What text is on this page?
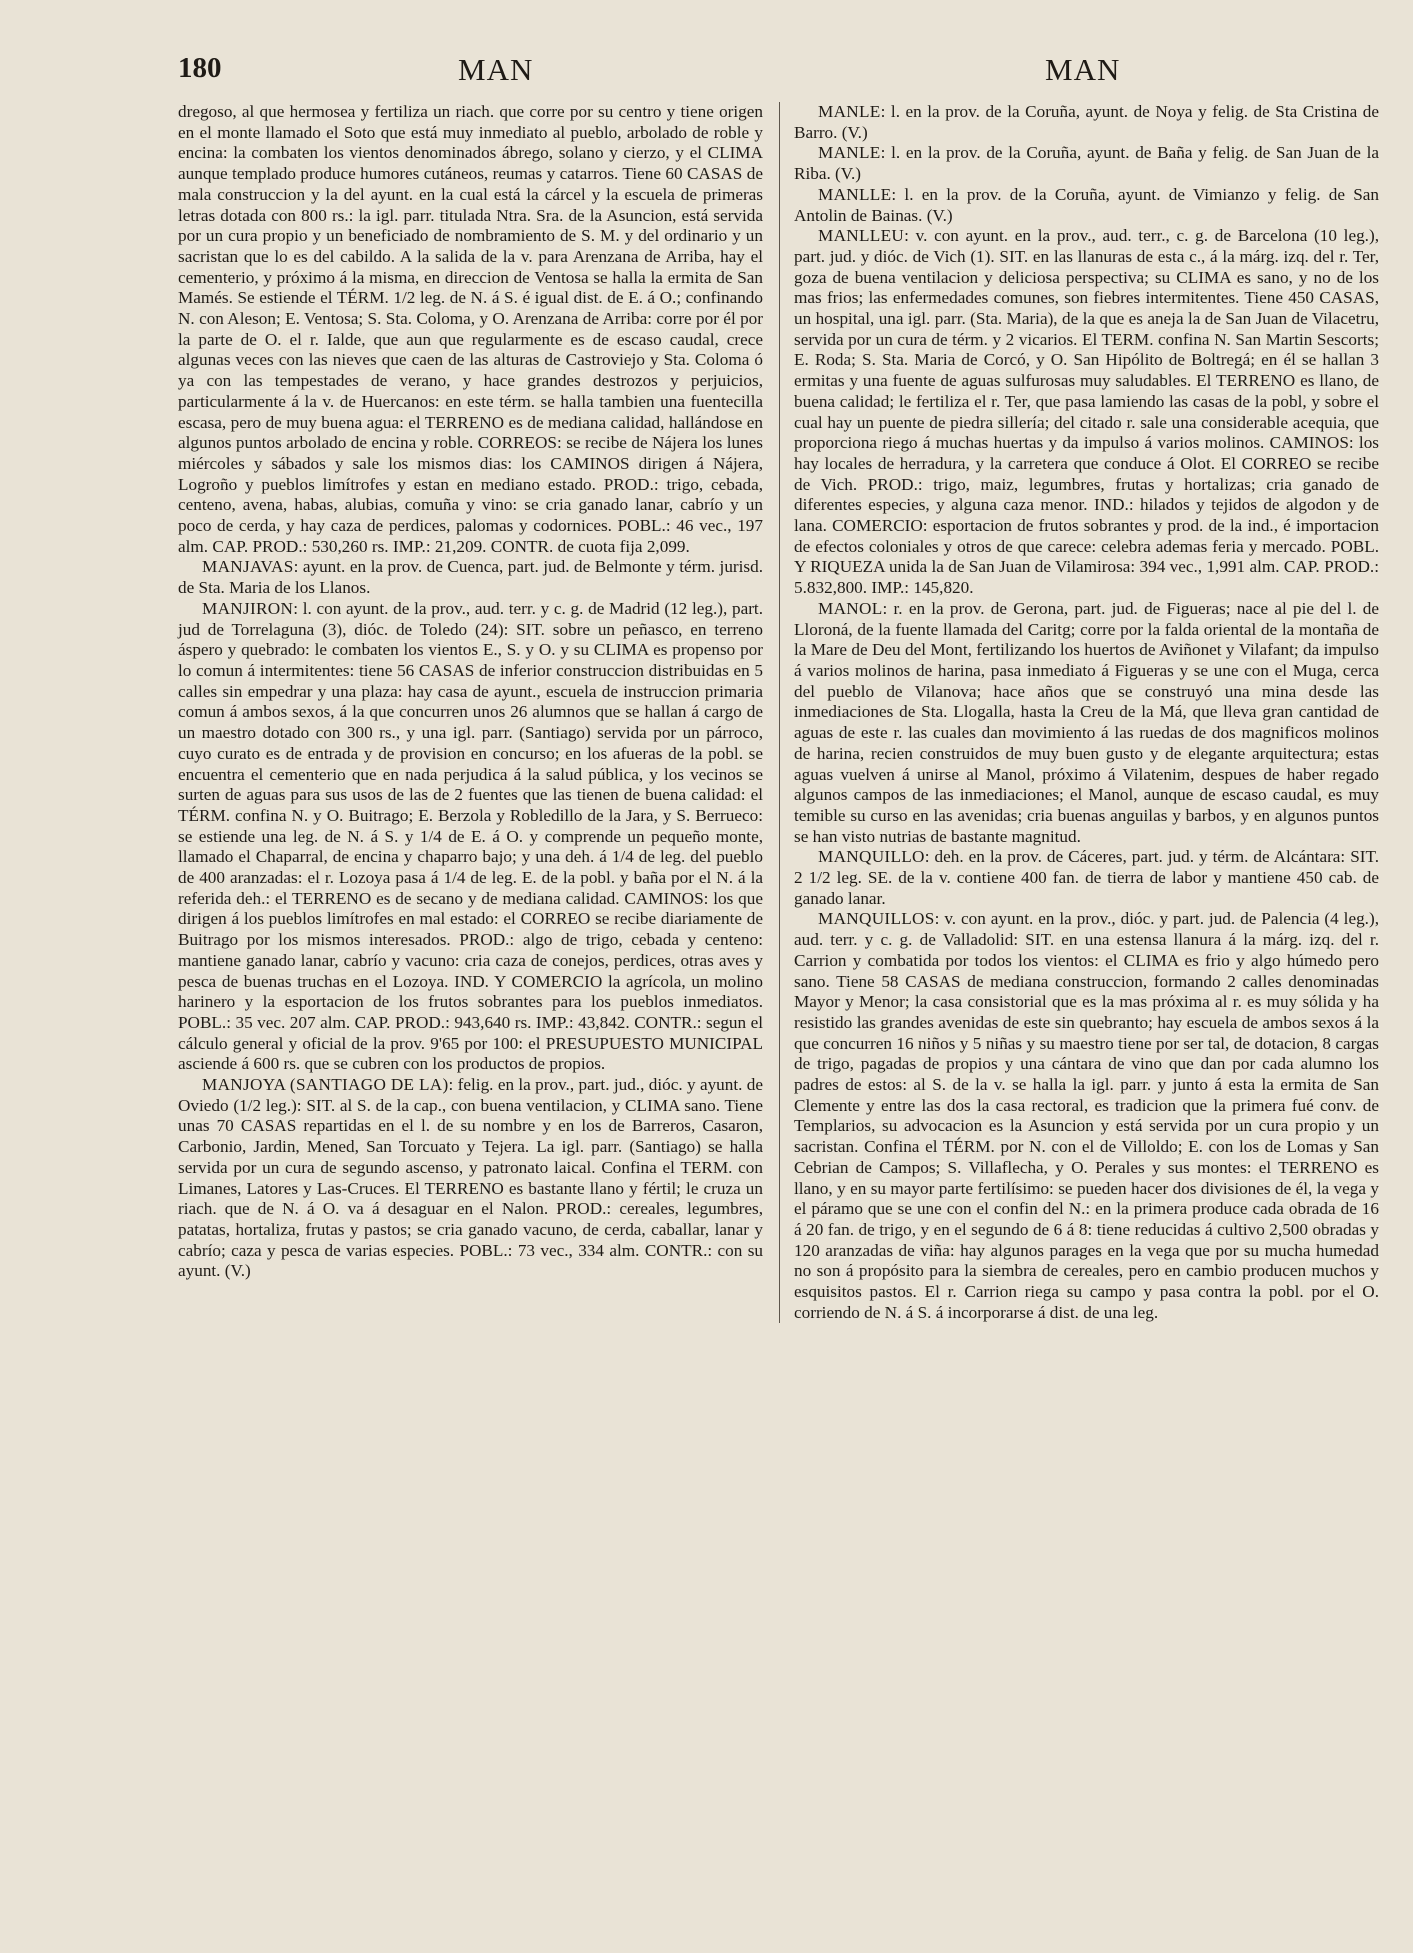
180	MAN	MAN

dregoso, al que hermosea y fertiliza un riach. que corre por su centro y tiene origen en el monte llamado el Soto que está muy inmediato al pueblo, arbolado de roble y encina: la combaten los vientos denominados ábrego, solano y cierzo, y el CLIMA aunque templado produce humores cutáneos, reumas y catarros. Tiene 60 CASAS de mala construccion y la del ayunt. en la cual está la cárcel y la escuela de primeras letras dotada con 800 rs.: la igl. parr. titulada Ntra. Sra. de la Asuncion, está servida por un cura propio y un beneficiado de nombramiento de S. M. y del ordinario y un sacristan que lo es del cabildo. A la salida de la v. para Arenzana de Arriba, hay el cementerio, y próximo á la misma, en direccion de Ventosa se halla la ermita de San Mamés. Se estiende el TÉRM. 1/2 leg. de N. á S. é igual dist. de E. á O.; confinando N. con Aleson; E. Ventosa; S. Sta. Coloma, y O. Arenzana de Arriba: corre por él por la parte de O. el r. Ialde, que aun que regularmente es de escaso caudal, crece algunas veces con las nieves que caen de las alturas de Castroviejo y Sta. Coloma ó ya con las tempestades de verano, y hace grandes destrozos y perjuicios, particularmente á la v. de Huercanos: en este térm. se halla tambien una fuentecilla escasa, pero de muy buena agua: el TERRENO es de mediana calidad, hallándose en algunos puntos arbolado de encina y roble. CORREOS: se recibe de Nájera los lunes miércoles y sábados y sale los mismos dias: los CAMINOS dirigen á Nájera, Logroño y pueblos limítrofes y estan en mediano estado. PROD.: trigo, cebada, centeno, avena, habas, alubias, comuña y vino: se cria ganado lanar, cabrío y un poco de cerda, y hay caza de perdices, palomas y codornices. POBL.: 46 vec., 197 alm. CAP. PROD.: 530,260 rs. IMP.: 21,209. CONTR. de cuota fija 2,099.

MANJAVAS: ayunt. en la prov. de Cuenca, part. jud. de Belmonte y térm. jurisd. de Sta. Maria de los Llanos.

MANJIRON: l. con ayunt. de la prov., aud. terr. y c. g. de Madrid (12 leg.), part. jud de Torrelaguna (3), dióc. de Toledo (24): SIT. sobre un peñasco, en terreno áspero y quebrado: le combaten los vientos E., S. y O. y su CLIMA es propenso por lo comun á intermitentes: tiene 56 CASAS de inferior construccion distribuidas en 5 calles sin empedrar y una plaza: hay casa de ayunt., escuela de instruccion primaria comun á ambos sexos, á la que concurren unos 26 alumnos que se hallan á cargo de un maestro dotado con 300 rs., y una igl. parr. (Santiago) servida por un párroco, cuyo curato es de entrada y de provision en concurso; en los afueras de la pobl. se encuentra el cementerio que en nada perjudica á la salud pública, y los vecinos se surten de aguas para sus usos de las de 2 fuentes que las tienen de buena calidad: el TÉRM. confina N. y O. Buitrago; E. Berzola y Robledillo de la Jara, y S. Berrueco: se estiende una leg. de N. á S. y 1/4 de E. á O. y comprende un pequeño monte, llamado el Chaparral, de encina y chaparro bajo; y una deh. á 1/4 de leg. del pueblo de 400 aranzadas: el r. Lozoya pasa á 1/4 de leg. E. de la pobl. y baña por el N. á la referida deh.: el TERRENO es de secano y de mediana calidad. CAMINOS: los que dirigen á los pueblos limítrofes en mal estado: el CORREO se recibe diariamente de Buitrago por los mismos interesados. PROD.: algo de trigo, cebada y centeno: mantiene ganado lanar, cabrío y vacuno: cria caza de conejos, perdices, otras aves y pesca de buenas truchas en el Lozoya. IND. Y COMERCIO la agrícola, un molino harinero y la esportacion de los frutos sobrantes para los pueblos inmediatos. POBL.: 35 vec. 207 alm. CAP. PROD.: 943,640 rs. IMP.: 43,842. CONTR.: segun el cálculo general y oficial de la prov. 9'65 por 100: el PRESUPUESTO MUNICIPAL asciende á 600 rs. que se cubren con los productos de propios.

MANJOYA (SANTIAGO DE LA): felig. en la prov., part. jud., dióc. y ayunt. de Oviedo (1/2 leg.): SIT. al S. de la cap., con buena ventilacion, y CLIMA sano. Tiene unas 70 CASAS repartidas en el l. de su nombre y en los de Barreros, Casaron, Carbonio, Jardin, Mened, San Torcuato y Tejera. La igl. parr. (Santiago) se halla servida por un cura de segundo ascenso, y patronato laical. Confina el TERM. con Limanes, Latores y Las-Cruces. El TERRENO es bastante llano y fértil; le cruza un riach. que de N. á O. va á desaguar en el Nalon. PROD.: cereales, legumbres, patatas, hortaliza, frutas y pastos; se cria ganado vacuno, de cerda, caballar, lanar y cabrío; caza y pesca de varias especies. POBL.: 73 vec., 334 alm. CONTR.: con su ayunt. (V.)

MANLE: l. en la prov. de la Coruña, ayunt. de Noya y felig. de Sta Cristina de Barro. (V.)

MANLE: l. en la prov. de la Coruña, ayunt. de Baña y felig. de San Juan de la Riba. (V.)

MANLLE: l. en la prov. de la Coruña, ayunt. de Vimianzo y felig. de San Antolin de Bainas. (V.)

MANLLEU: v. con ayunt. en la prov., aud. terr., c. g. de Barcelona (10 leg.), part. jud. y dióc. de Vich (1). SIT. en las llanuras de esta c., á la márg. izq. del r. Ter, goza de buena ventilacion y deliciosa perspectiva; su CLIMA es sano, y no de los mas frios; las enfermedades comunes, son fiebres intermitentes. Tiene 450 CASAS, un hospital, una igl. parr. (Sta. Maria), de la que es aneja la de San Juan de Vilacetru, servida por un cura de térm. y 2 vicarios. El TERM. confina N. San Martin Sescorts; E. Roda; S. Sta. Maria de Corcó, y O. San Hipólito de Boltregá; en él se hallan 3 ermitas y una fuente de aguas sulfurosas muy saludables. El TERRENO es llano, de buena calidad; le fertiliza el r. Ter, que pasa lamiendo las casas de la pobl, y sobre el cual hay un puente de piedra sillería; del citado r. sale una considerable acequia, que proporciona riego á muchas huertas y da impulso á varios molinos. CAMINOS: los hay locales de herradura, y la carretera que conduce á Olot. El CORREO se recibe de Vich. PROD.: trigo, maiz, legumbres, frutas y hortalizas; cria ganado de diferentes especies, y alguna caza menor. IND.: hilados y tejidos de algodon y de lana. COMERCIO: esportacion de frutos sobrantes y prod. de la ind., é importacion de efectos coloniales y otros de que carece: celebra ademas feria y mercado. POBL. Y RIQUEZA unida la de San Juan de Vilamirosa: 394 vec., 1,991 alm. CAP. PROD.: 5.832,800. IMP.: 145,820.

MANOL: r. en la prov. de Gerona, part. jud. de Figueras; nace al pie del l. de Lloroná, de la fuente llamada del Caritg; corre por la falda oriental de la montaña de la Mare de Deu del Mont, fertilizando los huertos de Aviñonet y Vilafant; da impulso á varios molinos de harina, pasa inmediato á Figueras y se une con el Muga, cerca del pueblo de Vilanova; hace años que se construyó una mina desde las inmediaciones de Sta. Llogalla, hasta la Creu de la Má, que lleva gran cantidad de aguas de este r. las cuales dan movimiento á las ruedas de dos magnificos molinos de harina, recien construidos de muy buen gusto y de elegante arquitectura; estas aguas vuelven á unirse al Manol, próximo á Vilatenim, despues de haber regado algunos campos de las inmediaciones; el Manol, aunque de escaso caudal, es muy temible su curso en las avenidas; cria buenas anguilas y barbos, y en algunos puntos se han visto nutrias de bastante magnitud.

MANQUILLO: deh. en la prov. de Cáceres, part. jud. y térm. de Alcántara: SIT. 2 1/2 leg. SE. de la v. contiene 400 fan. de tierra de labor y mantiene 450 cab. de ganado lanar.

MANQUILLOS: v. con ayunt. en la prov., dióc. y part. jud. de Palencia (4 leg.), aud. terr. y c. g. de Valladolid: SIT. en una estensa llanura á la márg. izq. del r. Carrion y combatida por todos los vientos: el CLIMA es frio y algo húmedo pero sano. Tiene 58 CASAS de mediana construccion, formando 2 calles denominadas Mayor y Menor; la casa consistorial que es la mas próxima al r. es muy sólida y ha resistido las grandes avenidas de este sin quebranto; hay escuela de ambos sexos á la que concurren 16 niños y 5 niñas y su maestro tiene por ser tal, de dotacion, 8 cargas de trigo, pagadas de propios y una cántara de vino que dan por cada alumno los padres de estos: al S. de la v. se halla la igl. parr. y junto á esta la ermita de San Clemente y entre las dos la casa rectoral, es tradicion que la primera fué conv. de Templarios, su advocacion es la Asuncion y está servida por un cura propio y un sacristan. Confina el TÉRM. por N. con el de Villoldo; E. con los de Lomas y San Cebrian de Campos; S. Villaflecha, y O. Perales y sus montes: el TERRENO es llano, y en su mayor parte fertilísimo: se pueden hacer dos divisiones de él, la vega y el páramo que se une con el confin del N.: en la primera produce cada obrada de 16 á 20 fan. de trigo, y en el segundo de 6 á 8: tiene reducidas á cultivo 2,500 obradas y 120 aranzadas de viña: hay algunos parages en la vega que por su mucha humedad no son á propósito para la siembra de cereales, pero en cambio producen muchos y esquisitos pastos. El r. Carrion riega su campo y pasa contra la pobl. por el O. corriendo de N. á S. á incorporarse á dist. de una leg.
